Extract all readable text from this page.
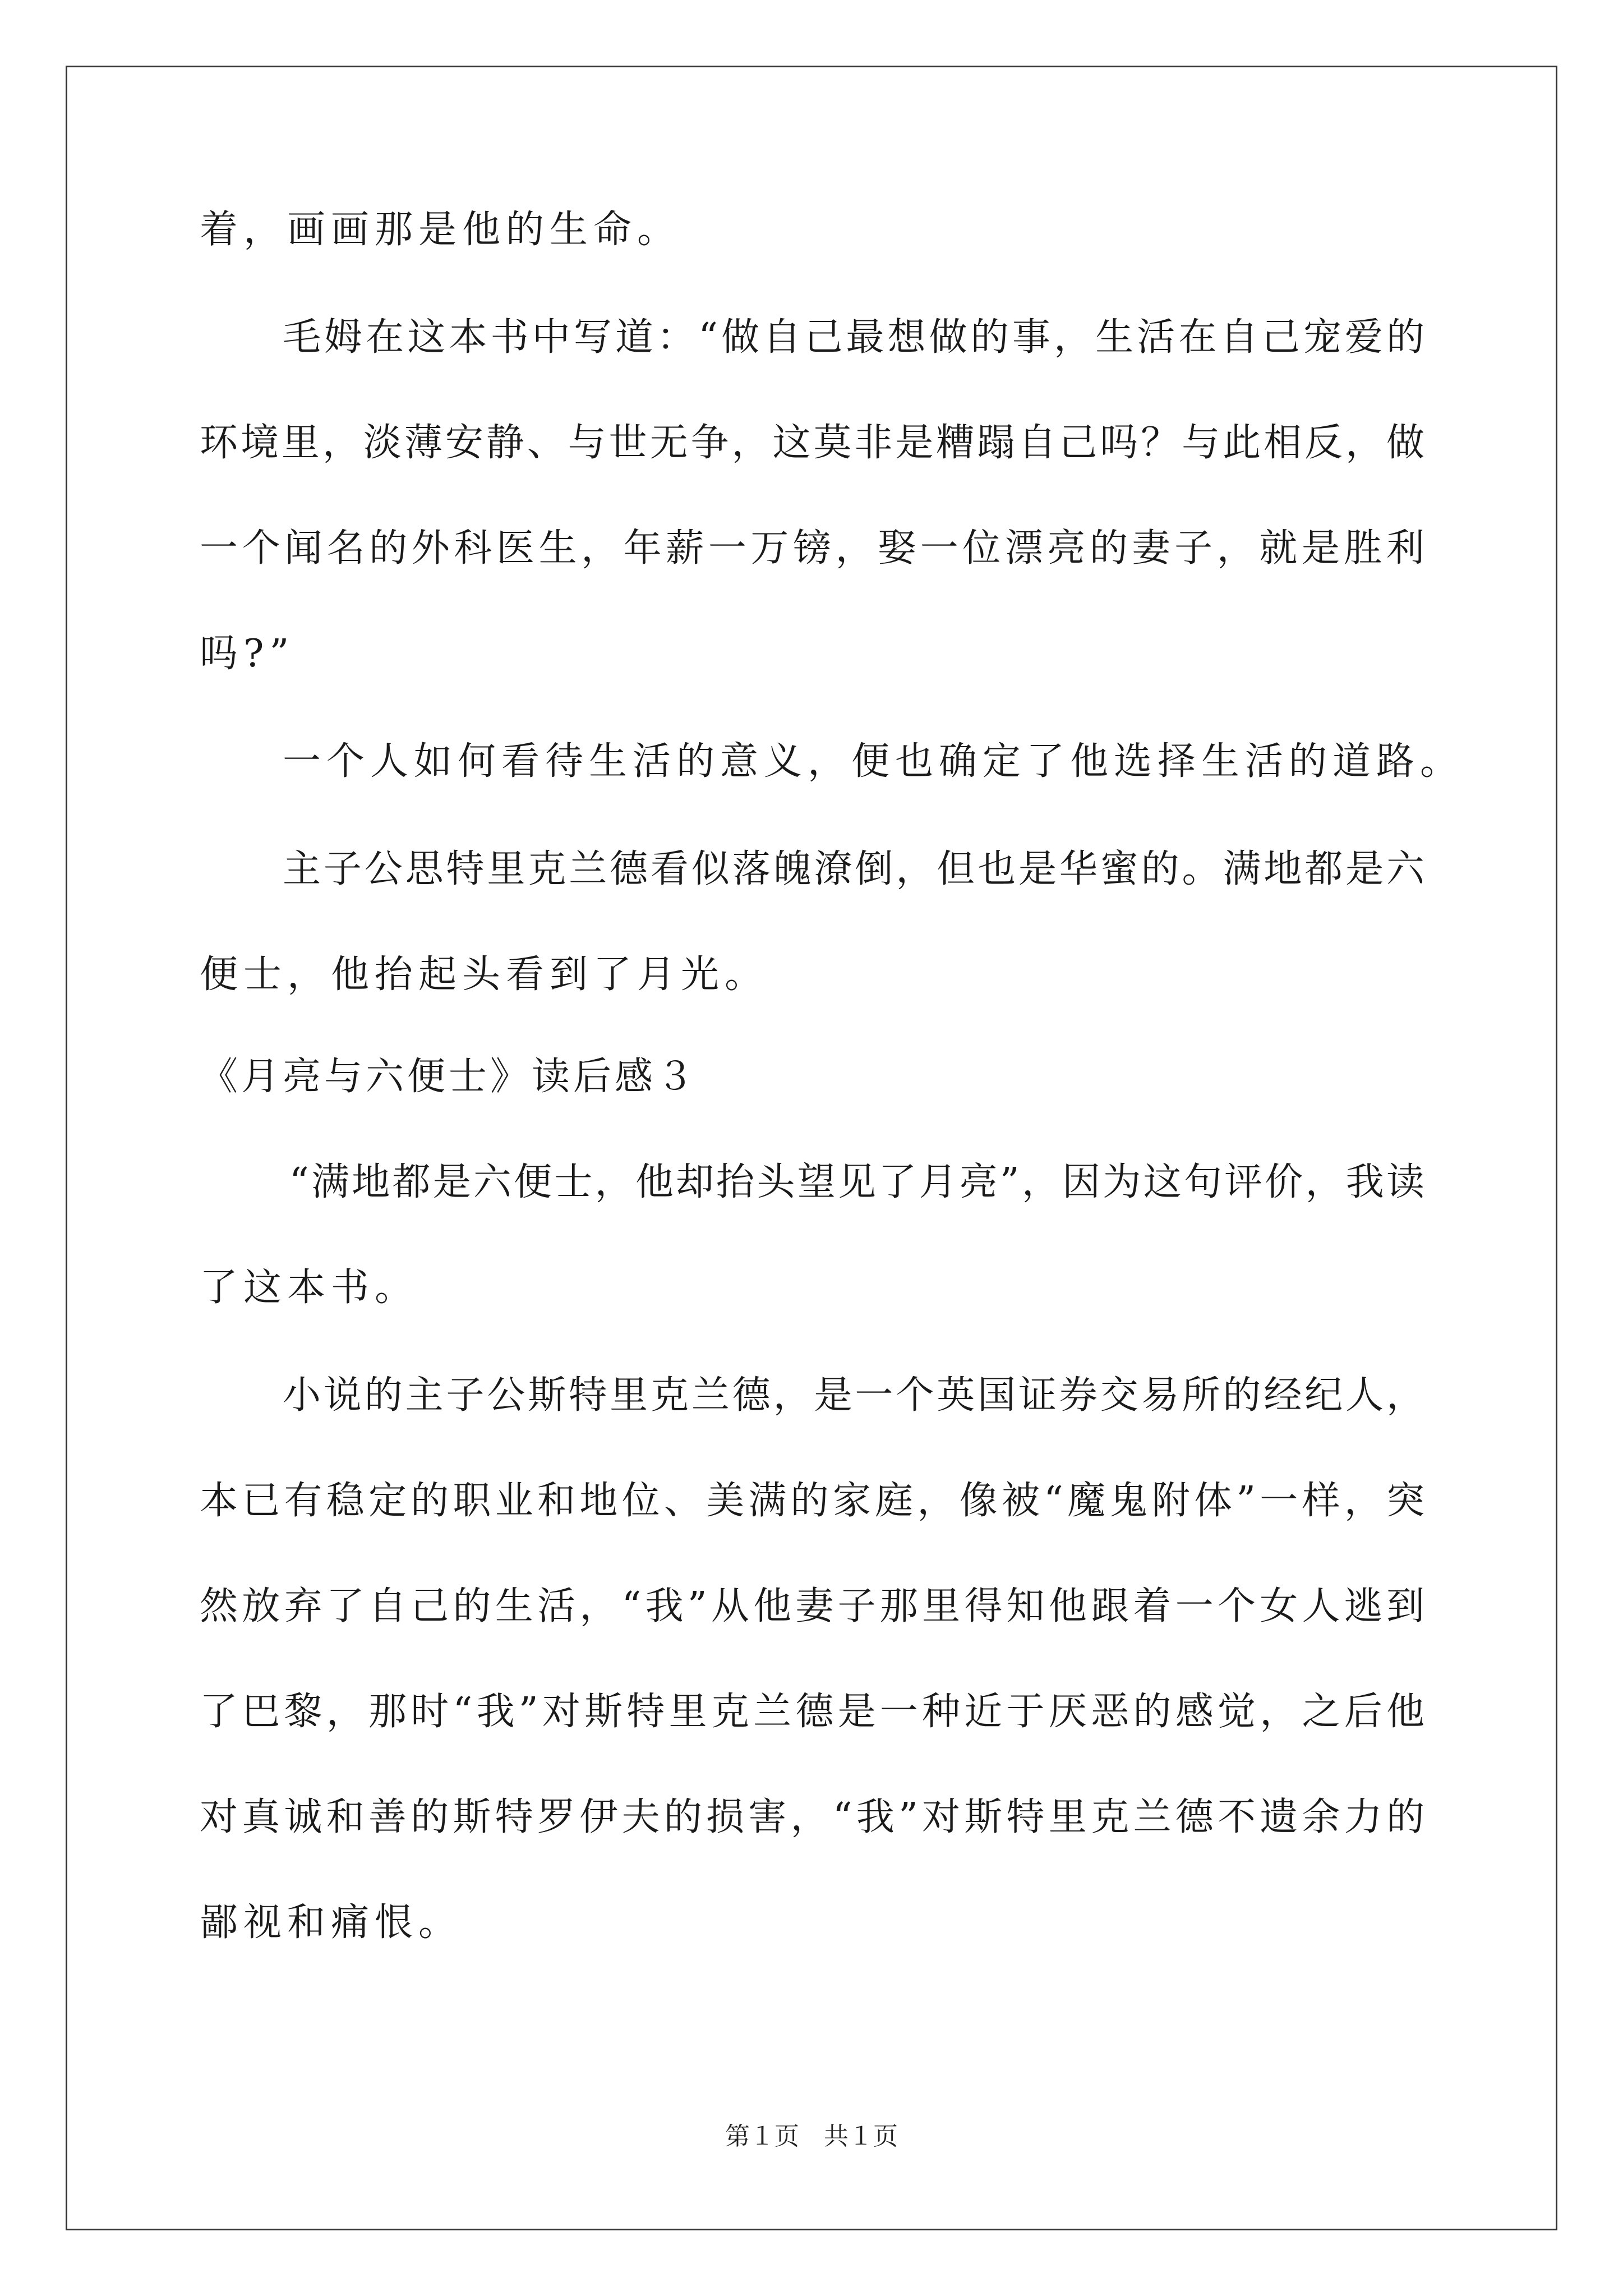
着，画画那是他的生命。
毛姆在这本书中写道：“做自己最想做的事，生活在自己宠爱的
环境里，淡薄安静、与世无争，这莫非是糟蹋自己吗？与此相反，做
一个闻名的外科医生，年薪一万镑，娶一位漂亮的妻子，就是胜利
吗?”
一个人如何看待生活的意义，便也确定了他选择生活的道路。
主子公思特里克兰德看似落魄潦倒，但也是华蜜的。满地都是六
便士，他抬起头看到了月光。
《月亮与六便士》读后感３
“满地都是六便士，他却抬头望见了月亮”，因为这句评价，我读
了这本书。
小说的主子公斯特里克兰德，是一个英国证券交易所的经纪人，
本已有稳定的职业和地位、美满的家庭，像被“魔鬼附体”一样，突
然放弃了自己的生活，“我”从他妻子那里得知他跟着一个女人逃到
了巴黎，那时“我”对斯特里克兰德是一种近于厌恶的感觉，之后他
对真诚和善的斯特罗伊夫的损害，“我”对斯特里克兰德不遗余力的
鄙视和痛恨。
第１页　共１页
